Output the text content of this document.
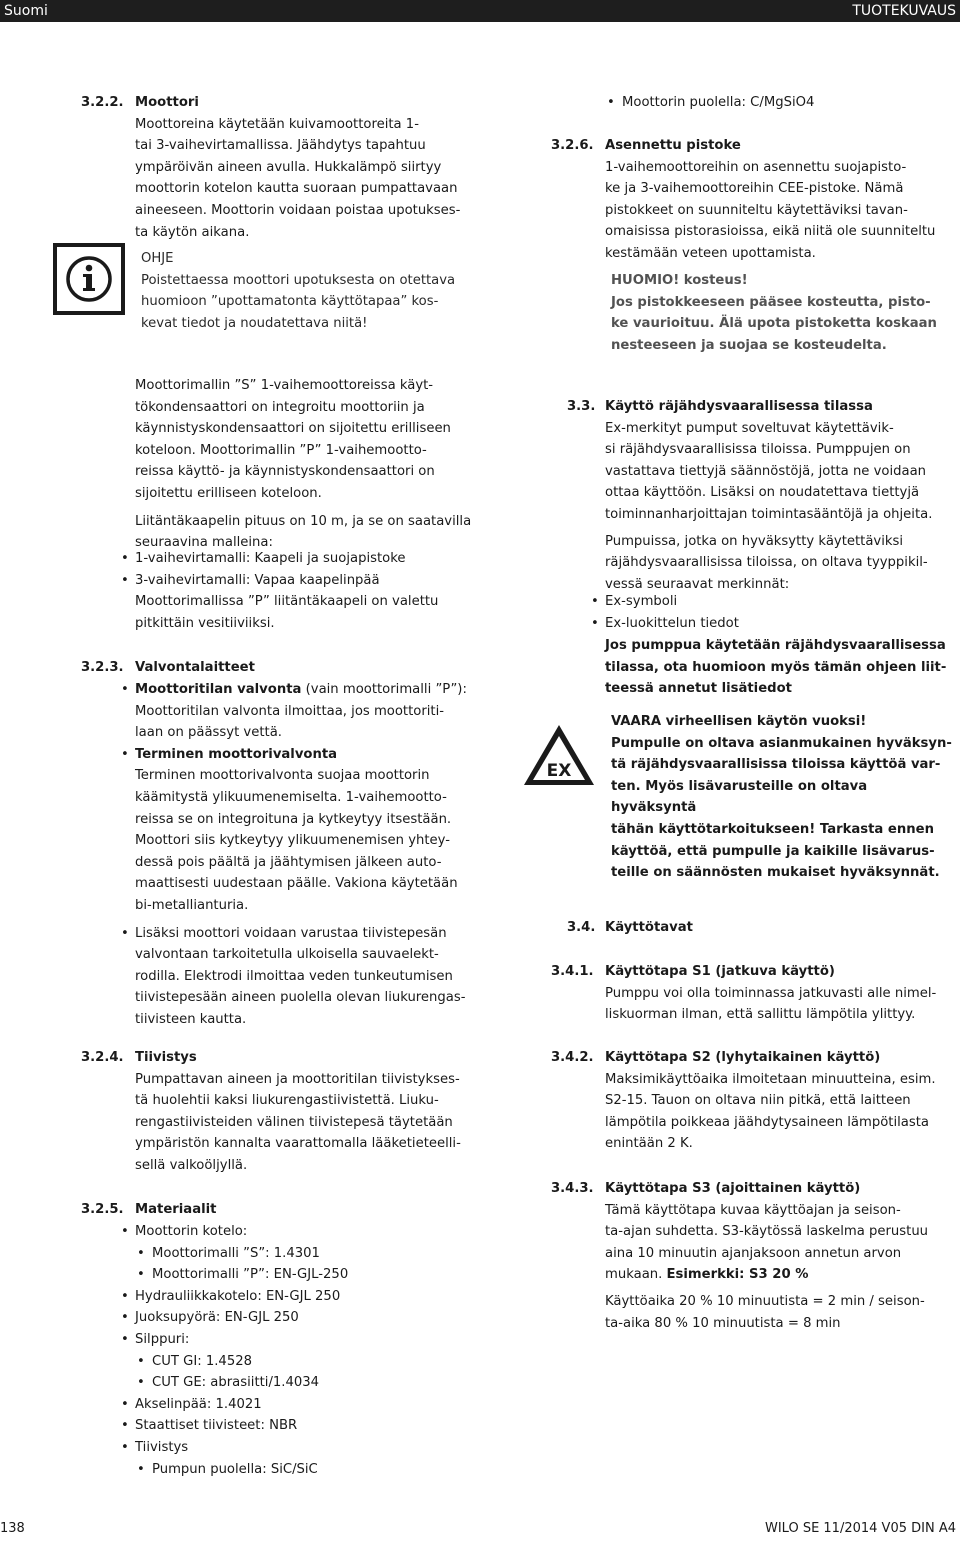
Suomi	TUOTEKUVAUS
3.2.2. Moottori
Moottoreina käytetään kuivamoottoreita 1-
tai 3-vaihevirtamallissa. Jäähdytys tapahtuu
ympäröivän aineen avulla. Hukkalämpö siirtyy
moottorin kotelon kautta suoraan pumpattavaan
aineeseen. Moottorin voidaan poistaa upotukses-
ta käytön aikana.
OHJE
Poistettaessa moottori upotuksesta on otettava
huomioon ”upottamatonta käyttötapaa” kos-
kevat tiedot ja noudatettava niitä!
Moottorimallin ”S” 1-vaihemoottoreissa käyt-
tökondensaattori on integroitu moottoriin ja
käynnistyskondensaattori on sijoitettu erilliseen
koteloon. Moottorimallin ”P” 1-vaihemootto-
reissa käyttö- ja käynnistyskondensaattori on
sijoitettu erilliseen koteloon.
Liitäntäkaapelin pituus on 10 m, ja se on saatavilla
seuraavina malleina:
• 1-vaihevirtamalli: Kaapeli ja suojapistoke
• 3-vaihevirtamalli: Vapaa kaapelinpää
Moottorimallissa ”P” liitäntäkaapeli on valettu
pitkittäin vesitiiviiksi.
3.2.3. Valvontalaitteet
• Moottoritilan valvonta (vain moottorimalli ”P”):
Moottoritilan valvonta ilmoittaa, jos moottoriti-
laan on päässyt vettä.
• Terminen moottorivalvonta
Terminen moottorivalvonta suojaa moottorin
käämitystä ylikuumenemiselta. 1-vaihemootto-
reissa se on integroituna ja kytkeytyy itsestään.
Moottori siis kytkeytyy ylikuumenemisen yhtey-
dessä pois päältä ja jäähtymisen jälkeen auto-
maattisesti uudestaan päälle. Vakiona käytetään
bi-metallianturia.
• Lisäksi moottori voidaan varustaa tiivistepesän
valvontaan tarkoitetulla ulkoisella sauvaelekt-
rodilla. Elektrodi ilmoittaa veden tunkeutumisen
tiivistepesään aineen puolella olevan liukurengas-
tiivisteen kautta.
3.2.4. Tiivistys
Pumpattavan aineen ja moottoritilan tiivistykses-
tä huolehtii kaksi liukurengastiivistettä. Liuku-
rengastiivisteiden välinen tiivistepesä täytetään
ympäristön kannalta vaarattomalla lääketieteelli-
sellä valkoöljyllä.
3.2.5. Materiaalit
• Moottorin kotelo:
• Moottorimalli ”S”: 1.4301
• Moottorimalli ”P”: EN-GJL-250
• Hydrauliikkakotelo: EN-GJL 250
• Juoksupyörä: EN-GJL 250
• Silppuri:
• CUT GI: 1.4528
• CUT GE: abrasiitti/1.4034
• Akselinpää: 1.4021
• Staattiset tiivisteet: NBR
• Tiivistys
• Pumpun puolella: SiC/SiC
• Moottorin puolella: C/MgSiO4
3.2.6. Asennettu pistoke
1-vaihemoottoreihin on asennettu suojapisto-
ke ja 3-vaihemoottoreihin CEE-pistoke. Nämä
pistokkeet on suunniteltu käytettäviksi tavan-
omaisissa pistorasioissa, eikä niitä ole suunniteltu
kestämään veteen upottamista.
HUOMIO! kosteus!
Jos pistokkeeseen pääsee kosteutta, pisto-
ke vaurioituu. Älä upota pistoketta koskaan
nesteeseen ja suojaa se kosteudelta.
3.3. Käyttö räjähdysvaarallisessa tilassa
Ex-merkityt pumput soveltuvat käytettävik-
si räjähdysvaarallisissa tiloissa. Pumppujen on
vastattava tiettyjä säännöstöjä, jotta ne voidaan
ottaa käyttöön. Lisäksi on noudatettava tiettyjä
toiminnanharjoittajan toimintasääntöjä ja ohjeita.
Pumpuissa, jotka on hyväksytty käytettäviksi
räjähdysvaarallisissa tiloissa, on oltava tyyppikil-
vessä seuraavat merkinnät:
• Ex-symboli
• Ex-luokittelun tiedot
Jos pumppua käytetään räjähdysvaarallisessa
tilassa, ota huomioon myös tämän ohjeen liit-
teessä annetut lisätiedot
EX
VAARA virheellisen käytön vuoksi!
Pumpulle on oltava asianmukainen hyväksyn-
tä räjähdysvaarallisissa tiloissa käyttöä var-
ten. Myös lisävarusteille on oltava hyväksyntä
tähän käyttötarkoitukseen! Tarkasta ennen
käyttöä, että pumpulle ja kaikille lisävarus-
teille on säännösten mukaiset hyväksynnät.
3.4. Käyttötavat
3.4.1. Käyttötapa S1 (jatkuva käyttö)
Pumppu voi olla toiminnassa jatkuvasti alle nimel-
liskuorman ilman, että sallittu lämpötila ylittyy.
3.4.2. Käyttötapa S2 (lyhytaikainen käyttö)
Maksimikäyttöaika ilmoitetaan minuutteina, esim.
S2-15. Tauon on oltava niin pitkä, että laitteen
lämpötila poikkeaa jäähdytysaineen lämpötilasta
enintään 2 K.
3.4.3. Käyttötapa S3 (ajoittainen käyttö)
Tämä käyttötapa kuvaa käyttöajan ja seison-
ta-ajan suhdetta. S3-käytössä laskelma perustuu
aina 10 minuutin ajanjaksoon annetun arvon
mukaan. Esimerkki: S3 20 %
Käyttöaika 20 % 10 minuutista = 2 min / seison-
ta-aika 80 % 10 minuutista = 8 min
138	WILO SE 11/2014 V05 DIN A4
